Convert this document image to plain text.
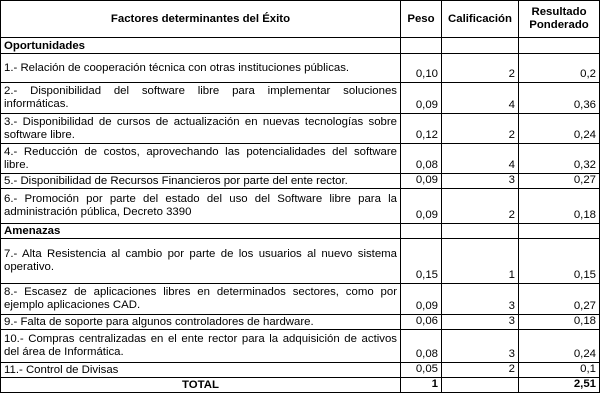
Factores determinantes del Éxito	Peso	Calificación	Resultado Ponderado
Oportunidades			
1.- Relación de cooperación técnica con otras instituciones públicas.	0,10	2	0,2
2.- Disponibilidad del software libre para implementar soluciones informáticas.	0,09	4	0,36
3.- Disponibilidad de cursos de actualización en nuevas tecnologías sobre software libre.	0,12	2	0,24
4.- Reducción de costos, aprovechando las potencialidades del software libre.	0,08	4	0,32
5.- Disponibilidad de Recursos Financieros por parte del ente rector.	0,09	3	0,27
6.- Promoción por parte del estado del uso del Software libre para la administración pública, Decreto 3390	0,09	2	0,18
Amenazas			
7.- Alta Resistencia al cambio por parte de los usuarios al nuevo sistema operativo.	0,15	1	0,15
8.- Escasez de aplicaciones libres en determinados sectores, como por ejemplo aplicaciones CAD.	0,09	3	0,27
9.- Falta de soporte para algunos controladores de hardware.	0,06	3	0,18
10.- Compras centralizadas en el ente rector para la adquisición de activos del área de Informática.	0,08	3	0,24
11.- Control de Divisas	0,05	2	0,1
TOTAL	1		2,51
